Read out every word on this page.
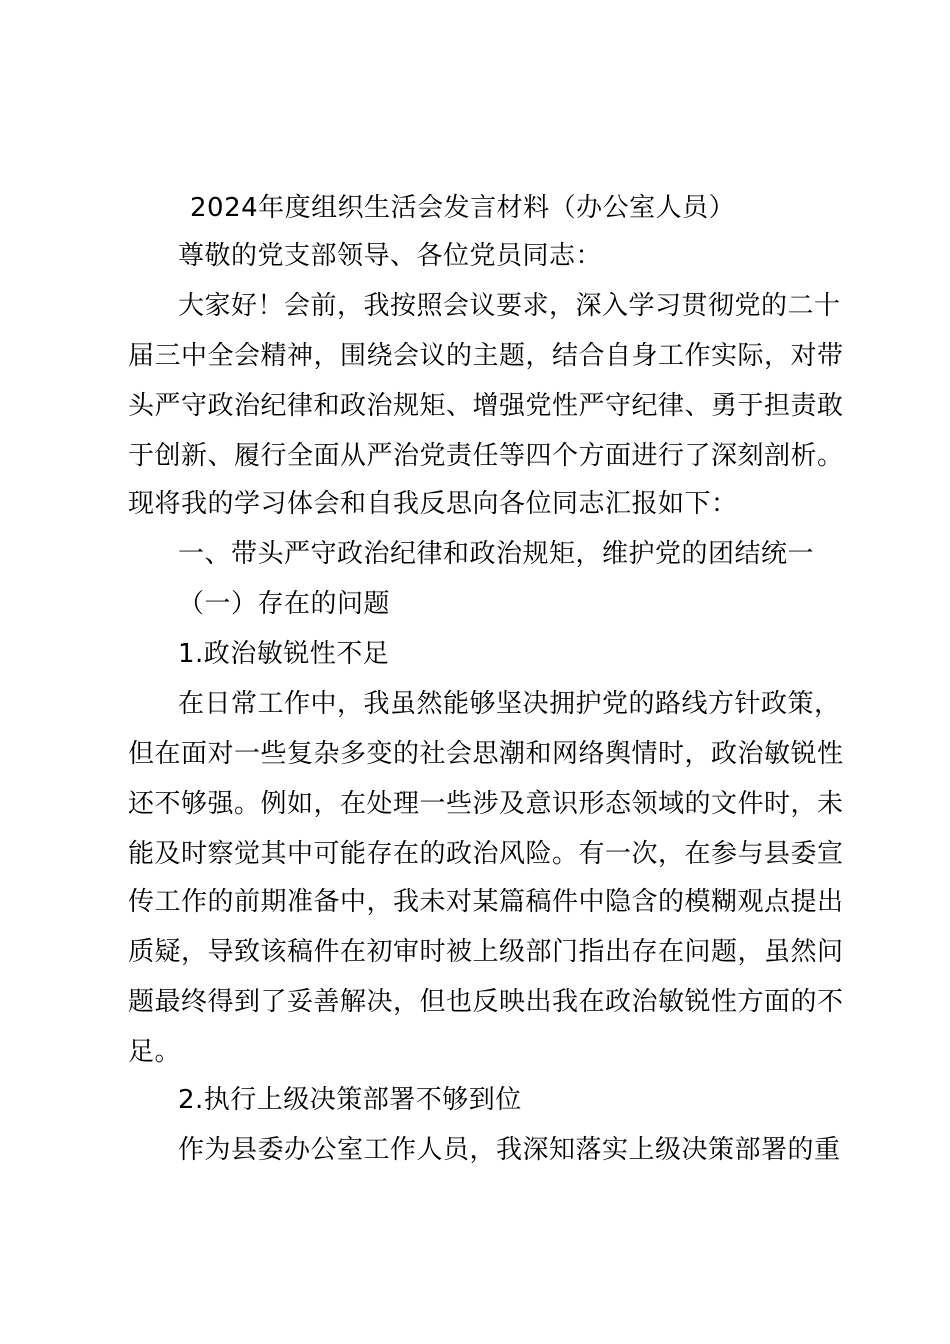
2024年度组织生活会发言材料（办公室人员）
尊敬的党支部领导、各位党员同志：
大家好！会前，我按照会议要求，深入学习贯彻党的二十
届三中全会精神，围绕会议的主题，结合自身工作实际，对带
头严守政治纪律和政治规矩、增强党性严守纪律、勇于担责敢
于创新、履行全面从严治党责任等四个方面进行了深刻剖析。
现将我的学习体会和自我反思向各位同志汇报如下：
一、带头严守政治纪律和政治规矩，维护党的团结统一
（一）存在的问题
1.政治敏锐性不足
在日常工作中，我虽然能够坚决拥护党的路线方针政策，
但在面对一些复杂多变的社会思潮和网络舆情时，政治敏锐性
还不够强。例如，在处理一些涉及意识形态领域的文件时，未
能及时察觉其中可能存在的政治风险。有一次，在参与县委宣
传工作的前期准备中，我未对某篇稿件中隐含的模糊观点提出
质疑，导致该稿件在初审时被上级部门指出存在问题，虽然问
题最终得到了妥善解决，但也反映出我在政治敏锐性方面的不
足。
2.执行上级决策部署不够到位
作为县委办公室工作人员，我深知落实上级决策部署的重
